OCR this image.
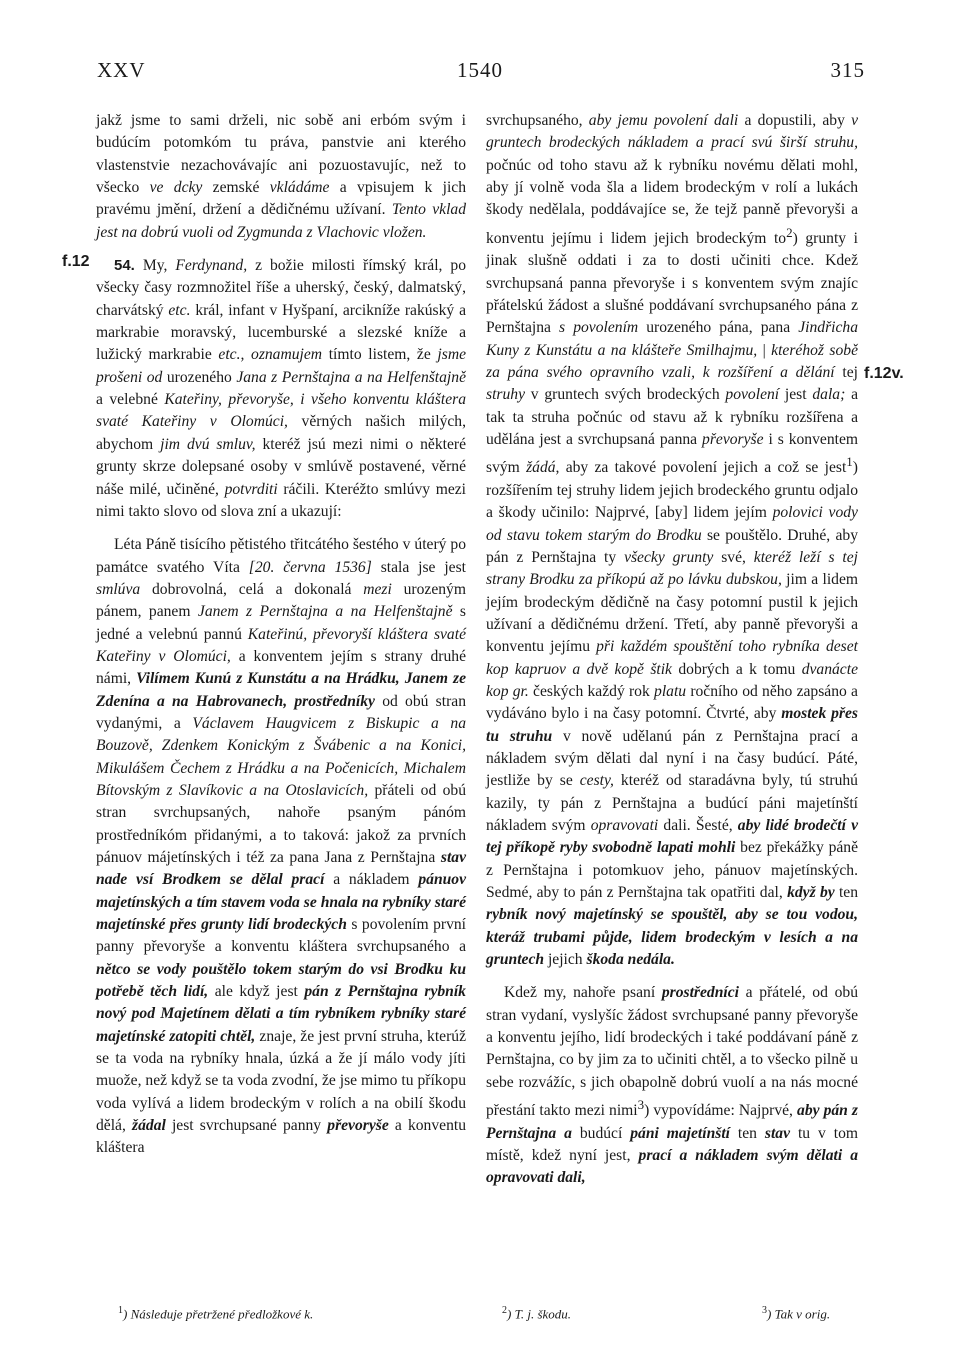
XXV	1540	315
f.12
f.12v.

jakž jsme to sami drželi, nic sobě ani erbóm svým i budúcím potomkóm tu práva, panstvie ani kterého vlastenstvie nezachovávajíc ani pozuostavujíc, než to všecko ve dcky zemské vkládáme a vpisujem k jich pravému jmění, držení a dědičnému užívaní. Tento vklad jest na dobrú vuoli od Zygmunda z Vlachovic vložen.

54. My, Ferdynand, z božie milosti římský král, po všecky časy rozmnožitel říše a uherský, český, dalmatský, charvátský etc. král, infant v Hyšpaní, arcikníže rakúský a markrabie moravský, lucemburské a slezské kníže a lužický markrabie etc., oznamujem tímto listem, že jsme prošeni od urozeného Jana z Pernštajna a na Helfenštajně a velebné Kateřiny, převoryše, i všeho konventu kláštera svaté Kateřiny v Olomúci, věrných našich milých, abychom jim dvú smluv, kteréž jsú mezi nimi o některé grunty skrze dolepsané osoby v smlúvě postavené, věrné náše milé, učiněné, potvrditi ráčili. Kteréžto smlúvy mezi nimi takto slovo od slova zní a ukazují:

Léta Páně tisícího pětistého třitcátého šestého v úterý po památce svatého Víta [20. června 1536] stala jse jest smlúva dobrovolná, celá a dokonalá mezi urozeným pánem, panem Janem z Pernštajna a na Helfenštajně s jedné a velebnú pannú Kateřinú, převoryší kláštera svaté Kateřiny v Olomúci, a konventem jejím s strany druhé námi, Vilímem Kunú z Kunstátu a na Hrádku, Janem ze Zdenína a na Habrovanech, prostředníky od obú stran vydanými, a Václavem Haugvicem z Biskupic a na Bouzově, Zdenkem Konickým z Švábenic a na Konici, Mikulášem Čechem z Hrádku a na Počenicích, Michalem Bítovským z Slavíkovic a na Otoslavicích, přáteli od obú stran svrchupsaných, nahoře psaným pánóm prostředníkóm přidanými, a to taková: jakož za prvních pánuov májetínských i též za pana Jana z Pernštajna stav nade vsí Brodkem se dělal prací a nákladem pánuov majetínských a tím stavem voda se hnala na rybníky staré majetínské přes grunty lidí brodeckých s povolením první panny převoryše a konventu kláštera svrchupsaného a nětco se vody pouštělo tokem starým do vsi Brodku ku potřebě těch lidí, ale když jest pán z Pernštajna rybník nový pod Majetínem dělati a tím rybníkem rybníky staré majetínské zatopiti chtěl, znaje, že jest první struha, kterúž se ta voda na rybníky hnala, úzká a že jí málo vody jíti muože, než když se ta voda zvodní, že jse mimo tu příkopu voda vylívá a lidem brodeckým v rolích a na obilí škodu dělá, žádal jest svrchupsané panny převoryše a konventu kláštera

svrchupsaného, aby jemu povolení dali a dopustili, aby v gruntech brodeckých nákladem a prací svú širší struhu, počnúc od toho stavu až k rybníku novému dělati mohl, aby jí volně voda šla a lidem brodeckým v rolí a lukách škody nedělala, poddávajíce se, že tejž panně převoryši a konventu jejímu i lidem jejich brodeckým $to^2$) grunty i jinak slušně oddati i za to dosti učiniti chce. Kdež svrchupsaná panna převoryše i s konventem svým znajíc přátelskú žádost a slušné poddávaní svrchupsaného pána z Pernštajna s povolením urozeného pána, pana Jindřicha Kuny z Kunstátu a na klášteře Smilhajmu, | kteréhož sobě za pána svého opravního vzali, k rozšíření a dělání tej struhy v gruntech svých brodeckých povolení jest dala; a tak ta struha počnúc od stavu až k rybníku rozšířena a udělána jest a svrchupsaná panna převoryše i s konventem svým žádá, aby za takové povolení jejich a což se jest$^1$) rozšířením tej struhy lidem jejich brodeckého gruntu odjalo a škody učinilo: Najprvé, [aby] lidem jejím polovici vody od stavu tokem starým do Brodku se pouštělo. Druhé, aby pán z Pernštajna ty všecky grunty své, kteréž leží s tej strany Brodku za příkopú až po lávku dubskou, jim a lidem jejím brodeckým dědičně na časy potomní pustil k jejich užívaní a dědičnému držení. Třetí, aby panně převoryši a konventu jejímu při každém spouštění toho rybníka deset kop kapruov a dvě kopě štik dobrých a k tomu dvanácte kop gr. českých každý rok platu ročního od něho zapsáno a vydáváno bylo i na časy potomní. Čtvrté, aby mostek přes tu struhu v nově udělanú pán z Pernštajna prací a nákladem svým dělati dal nyní i na časy budúcí. Páté, jestliže by se cesty, kteréž od staradávna byly, tú struhú kazily, ty pán z Pernštajna a budúcí páni majetínští nákladem svým opravovati dali. Šesté, aby lidé brodečtí v tej příkopě ryby svobodně lapati mohli bez překážky páně z Pernštajna i potomkuov jeho, pánuov majetínských. Sedmé, aby to pán z Pernštajna tak opatřiti dal, když by ten rybník nový majetínský se spouštěl, aby se tou vodou, kteráž trubami půjde, lidem brodeckým v lesích a na gruntech jejich škoda nedála.

Kdež my, nahoře psaní prostředníci a přátelé, od obú stran vydaní, vyslyšíc žádost svrchupsané panny převoryše a konventu jejího, lidí brodeckých i také poddávaní páně z Pernštajna, co by jim za to učiniti chtěl, a to všecko pilně u sebe rozvážíc, s jich obapolně dobrú vuolí a na nás mocné přestání takto mezi nimi$^3$) vypovídáme: Najprvé, aby pán z Pernštajna a budúcí páni majetínští ten stav tu v tom místě, kdež nyní jest, prací a nákladem svým dělati a opravovati dali,

$^1$) Následuje přetržené předložkové k.	$^2$) T. j. škodu.	$^3$) Tak v orig.
